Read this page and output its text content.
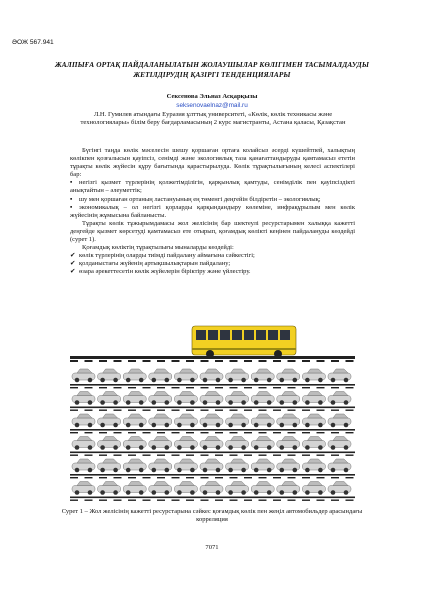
ӘОЖ 567.941
ЖАЛПЫҒА ОРТАҚ ПАЙДАЛАНЫЛАТЫН ЖОЛАУШЫЛАР КӨЛІГІМЕН ТАСЫМАЛДАУДЫ ЖЕТІЛДІРУДІҢ ҚАЗІРГІ ТЕНДЕНЦИЯЛАРЫ
Сексенова Эльназ Асқарқызы
seksenovaelnaz@mail.ru
Л.Н. Гумилев атындағы Еуразия ұлттық университеті, «Көлік, көлік техникасы және технологиялары» білім беру бағдарламасының 2 курс магистранты, Астана қаласы, Қазақстан

Бүгінгі таңда көлік мәселесін шешу қоршаған ортаға колайсыз әсерді күшейтпей, халықтың көлікпен қозғалысын қауіпсіз, сенімді және экологиялық таза қанағаттандыруды қамтамасыз ететін тұрақты көлік жүйесін құру бағытында қарастырылуда. Көлік тұрақтылығының келесі аспектілері бар:

▪ негізгі қызмет түрлерінің қолжетімділігін, қарқынлық қамтуды, сенімділік пен қауіпсіздікті анықтайтын – әлеуметтік;

▪ шу мен қоршаған ортаның ластануының ең төменгі деңгейін білдіретін – экологиялық;

▪ экономикалық – ол негізгі қорларды қарқындандыру көлеміне, инфрақұрылым мен көлік жүйесінің жұмысына байланысты.

Тұрақты көлік тұжырымдамасы жол желісінің бар шектеулі ресурстарымен халыққа кажетті деңгейде қызмет көрсетуді қамтамасыз ете отырып, қоғамдық көлікті кеңінен пайдалануды көздейді (сурет 1).

Қоғамдық көліктің тұрақтылығы мыналарды көздейді:

✔ көлік түрлерінің оларды тиімді пайдалану аймағына сәйкестігі;

✔ қолданыстағы жүйенің артықшылықтарын пайдалану;

✔ өзара әрекеттесетін көлік жүйелерін біріктіру және үйлестіру.

Сурет 1 – Жол желісінің кажетті ресурстарына сәйкес қоғамдық көлік пен жеңіл автомобильдер арасындағы корреляция
7071
